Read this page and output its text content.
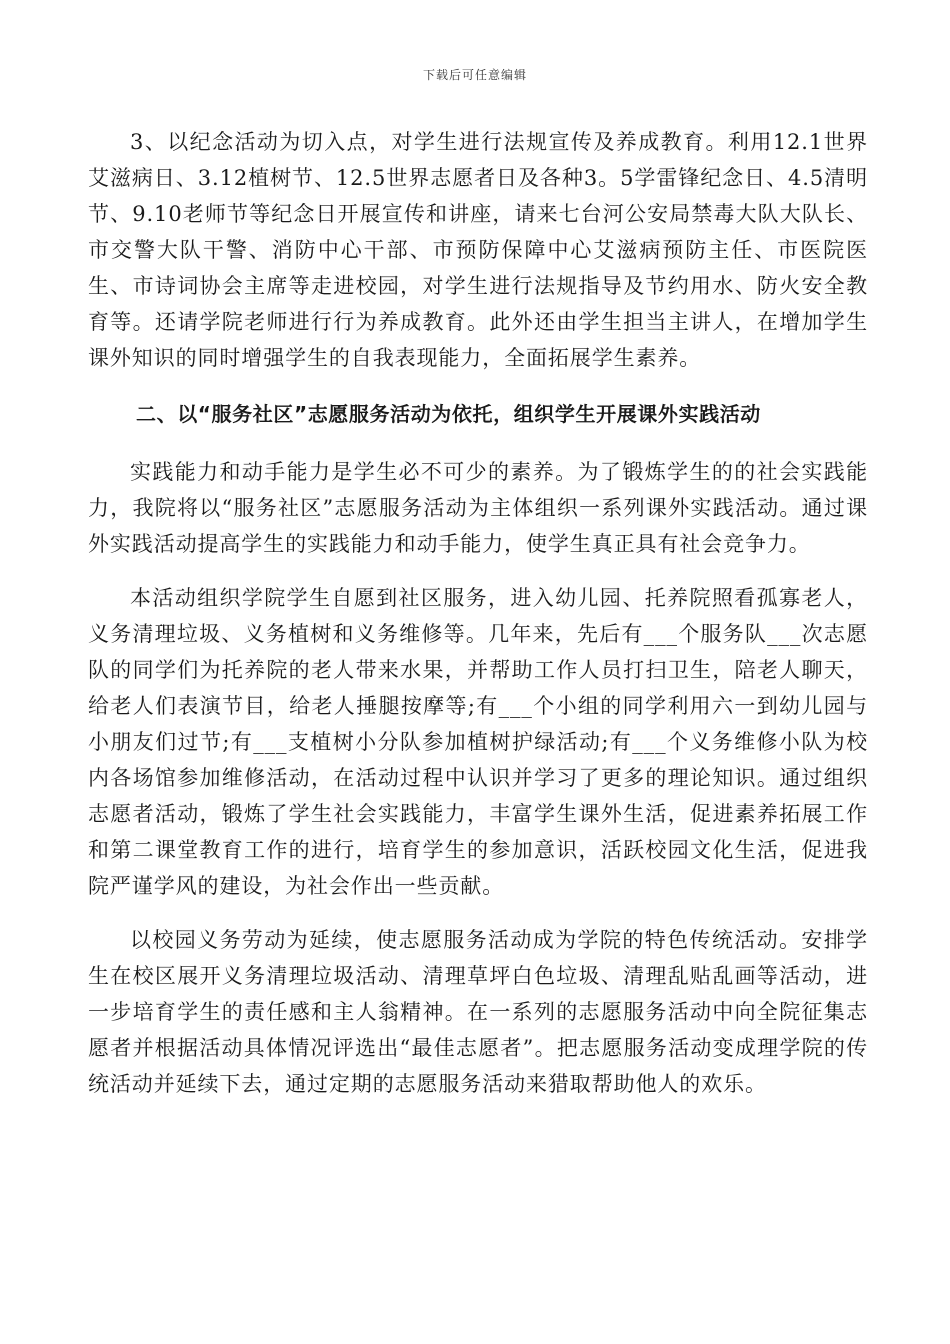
下载后可任意编辑

3、以纪念活动为切入点，对学生进行法规宣传及养成教育。利用12.1世界艾滋病日、3.12植树节、12.5世界志愿者日及各种3。5学雷锋纪念日、4.5清明节、9.10老师节等纪念日开展宣传和讲座，请来七台河公安局禁毒大队大队长、市交警大队干警、消防中心干部、市预防保障中心艾滋病预防主任、市医院医生、市诗词协会主席等走进校园，对学生进行法规指导及节约用水、防火安全教育等。还请学院老师进行行为养成教育。此外还由学生担当主讲人，在增加学生课外知识的同时增强学生的自我表现能力，全面拓展学生素养。

二、以“服务社区”志愿服务活动为依托，组织学生开展课外实践活动

实践能力和动手能力是学生必不可少的素养。为了锻炼学生的的社会实践能力，我院将以“服务社区”志愿服务活动为主体组织一系列课外实践活动。通过课外实践活动提高学生的实践能力和动手能力，使学生真正具有社会竞争力。

本活动组织学院学生自愿到社区服务，进入幼儿园、托养院照看孤寡老人，义务清理垃圾、义务植树和义务维修等。几年来，先后有___个服务队___次志愿队的同学们为托养院的老人带来水果，并帮助工作人员打扫卫生，陪老人聊天，给老人们表演节目，给老人捶腿按摩等;有___个小组的同学利用六一到幼儿园与小朋友们过节;有___支植树小分队参加植树护绿活动;有___个义务维修小队为校内各场馆参加维修活动，在活动过程中认识并学习了更多的理论知识。通过组织志愿者活动，锻炼了学生社会实践能力，丰富学生课外生活，促进素养拓展工作和第二课堂教育工作的进行，培育学生的参加意识，活跃校园文化生活，促进我院严谨学风的建设，为社会作出一些贡献。

以校园义务劳动为延续，使志愿服务活动成为学院的特色传统活动。安排学生在校区展开义务清理垃圾活动、清理草坪白色垃圾、清理乱贴乱画等活动，进一步培育学生的责任感和主人翁精神。在一系列的志愿服务活动中向全院征集志愿者并根据活动具体情况评选出“最佳志愿者”。把志愿服务活动变成理学院的传统活动并延续下去，通过定期的志愿服务活动来猎取帮助他人的欢乐。
